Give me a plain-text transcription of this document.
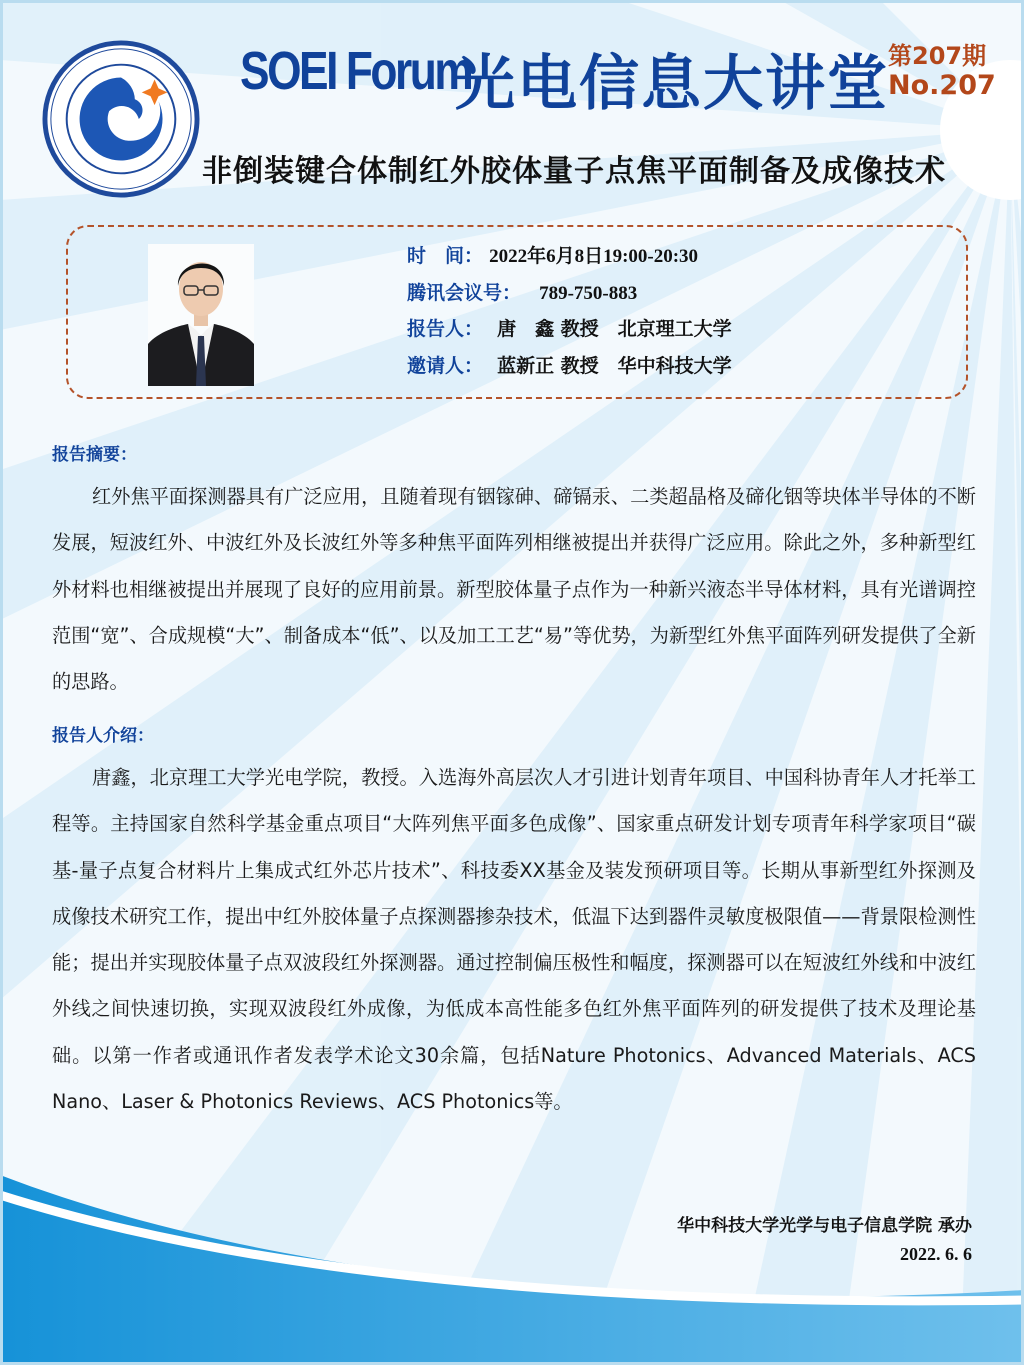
SOEI Forum
光电信息大讲堂 第207期
No.207
非倒装键合体制红外胶体量子点焦平面制备及成像技术
时　间： 2022年6月8日19:00-20:30
腾讯会议号： 789-750-883
报告人： 唐　鑫 教授　北京理工大学
邀请人： 蓝新正 教授　华中科技大学
报告摘要：
红外焦平面探测器具有广泛应用，且随着现有铟镓砷、碲镉汞、二类超晶格及碲化铟等块体半导体的不断发展，短波红外、中波红外及长波红外等多种焦平面阵列相继被提出并获得广泛应用。除此之外，多种新型红外材料也相继被提出并展现了良好的应用前景。新型胶体量子点作为一种新兴液态半导体材料，具有光谱调控范围“宽”、合成规模“大”、制备成本“低”、以及加工工艺“易”等优势，为新型红外焦平面阵列研发提供了全新的思路。
报告人介绍：
唐鑫，北京理工大学光电学院，教授。入选海外高层次人才引进计划青年项目、中国科协青年人才托举工程等。主持国家自然科学基金重点项目“大阵列焦平面多色成像”、国家重点研发计划专项青年科学家项目“碳基-量子点复合材料片上集成式红外芯片技术”、科技委XX基金及装发预研项目等。长期从事新型红外探测及成像技术研究工作，提出中红外胶体量子点探测器掺杂技术，低温下达到器件灵敏度极限值——背景限检测性能；提出并实现胶体量子点双波段红外探测器。通过控制偏压极性和幅度，探测器可以在短波红外线和中波红外线之间快速切换，实现双波段红外成像，为低成本高性能多色红外焦平面阵列的研发提供了技术及理论基础。以第一作者或通讯作者发表学术论文30余篇，包括Nature Photonics、Advanced Materials、ACS Nano、Laser & Photonics Reviews、ACS Photonics等。
华中科技大学光学与电子信息学院 承办
2022. 6. 6
